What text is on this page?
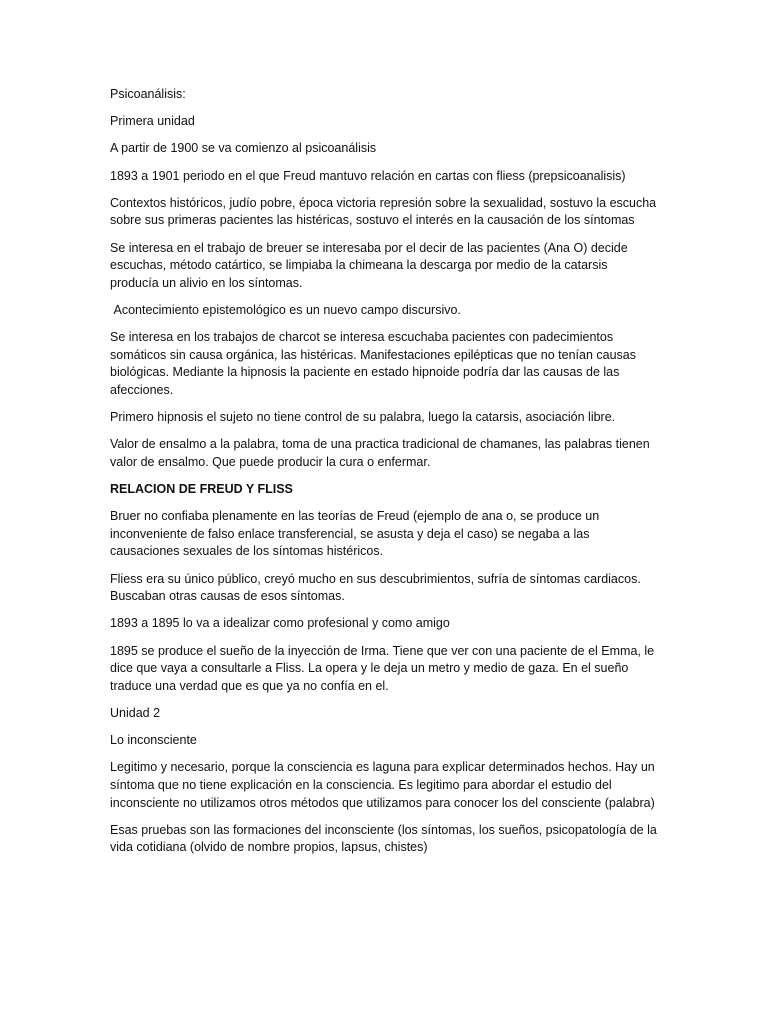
Psicoanálisis:

Primera unidad

A partir de 1900 se va comienzo al psicoanálisis

1893 a 1901 periodo en el que Freud mantuvo relación en cartas con fliess (prepsicoanalisis)

Contextos históricos, judío pobre, época victoria represión sobre la sexualidad, sostuvo la escucha sobre sus primeras pacientes las histéricas, sostuvo el interés en la causación de los síntomas

Se interesa en el trabajo de breuer se interesaba por el decir de las pacientes (Ana O) decide escuchas, método catártico, se limpiaba la chimeana la descarga por medio de la catarsis producía un alivio en los síntomas.

Acontecimiento epistemológico es un nuevo campo discursivo.

Se interesa en los trabajos de charcot se interesa escuchaba pacientes con padecimientos somáticos sin causa orgánica, las histéricas. Manifestaciones epilépticas que no tenían causas biológicas. Mediante la hipnosis la paciente en estado hipnoide podría dar las causas de las afecciones.

Primero hipnosis el sujeto no tiene control de su palabra, luego la catarsis, asociación libre.

Valor de ensalmo a la palabra, toma de una practica tradicional de chamanes, las palabras tienen valor de ensalmo. Que puede producir la cura o enfermar.

RELACION DE FREUD Y FLISS

Bruer no confiaba plenamente en las teorías de Freud (ejemplo de ana o, se produce un inconveniente de falso enlace transferencial, se asusta y deja el caso) se negaba a las causaciones sexuales de los síntomas histéricos.

Fliess era su único público, creyó mucho en sus descubrimientos, sufría de síntomas cardiacos. Buscaban otras causas de esos síntomas.

1893 a 1895 lo va a idealizar como profesional y como amigo

1895 se produce el sueño de la inyección de Irma. Tiene que ver con una paciente de el Emma, le dice que vaya a consultarle a Fliss. La opera y le deja un metro y medio de gaza. En el sueño traduce una verdad que es que ya no confía en el.

Unidad 2

Lo inconsciente

Legitimo y necesario, porque la consciencia es laguna para explicar determinados hechos. Hay un síntoma que no tiene explicación en la consciencia. Es legitimo para abordar el estudio del inconsciente no utilizamos otros métodos que utilizamos para conocer los del consciente (palabra)

Esas pruebas son las formaciones del inconsciente (los síntomas, los sueños, psicopatología de la vida cotidiana (olvido de nombre propios, lapsus, chistes)
